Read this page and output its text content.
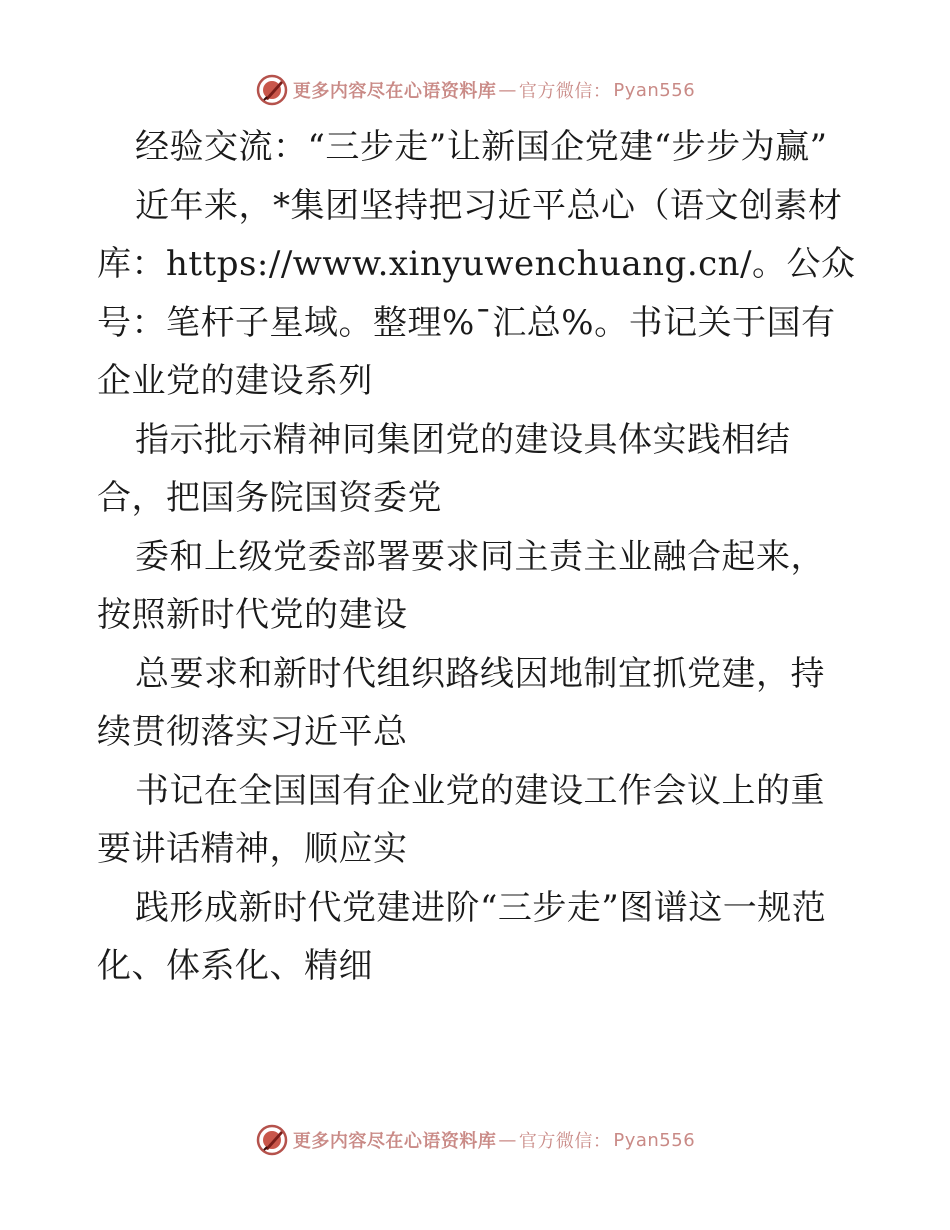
更多内容尽在心语资料库 — 官方微信： Pyan556

经验交流：“三步走”让新国企党建“步步为赢”

近年来，*集团坚持把习近平总心（语文创素材库：https://www.xinyuwenchuang.cn/。公众号：笔杆子星域。整理%¯汇总%。书记关于国有企业党的建设系列

指示批示精神同集团党的建设具体实践相结合，把国务院国资委党

委和上级党委部署要求同主责主业融合起来，按照新时代党的建设

总要求和新时代组织路线因地制宜抓党建，持续贯彻落实习近平总

书记在全国国有企业党的建设工作会议上的重要讲话精神，顺应实

践形成新时代党建进阶“三步走”图谱这一规范化、体系化、精细

更多内容尽在心语资料库 — 官方微信： Pyan556
